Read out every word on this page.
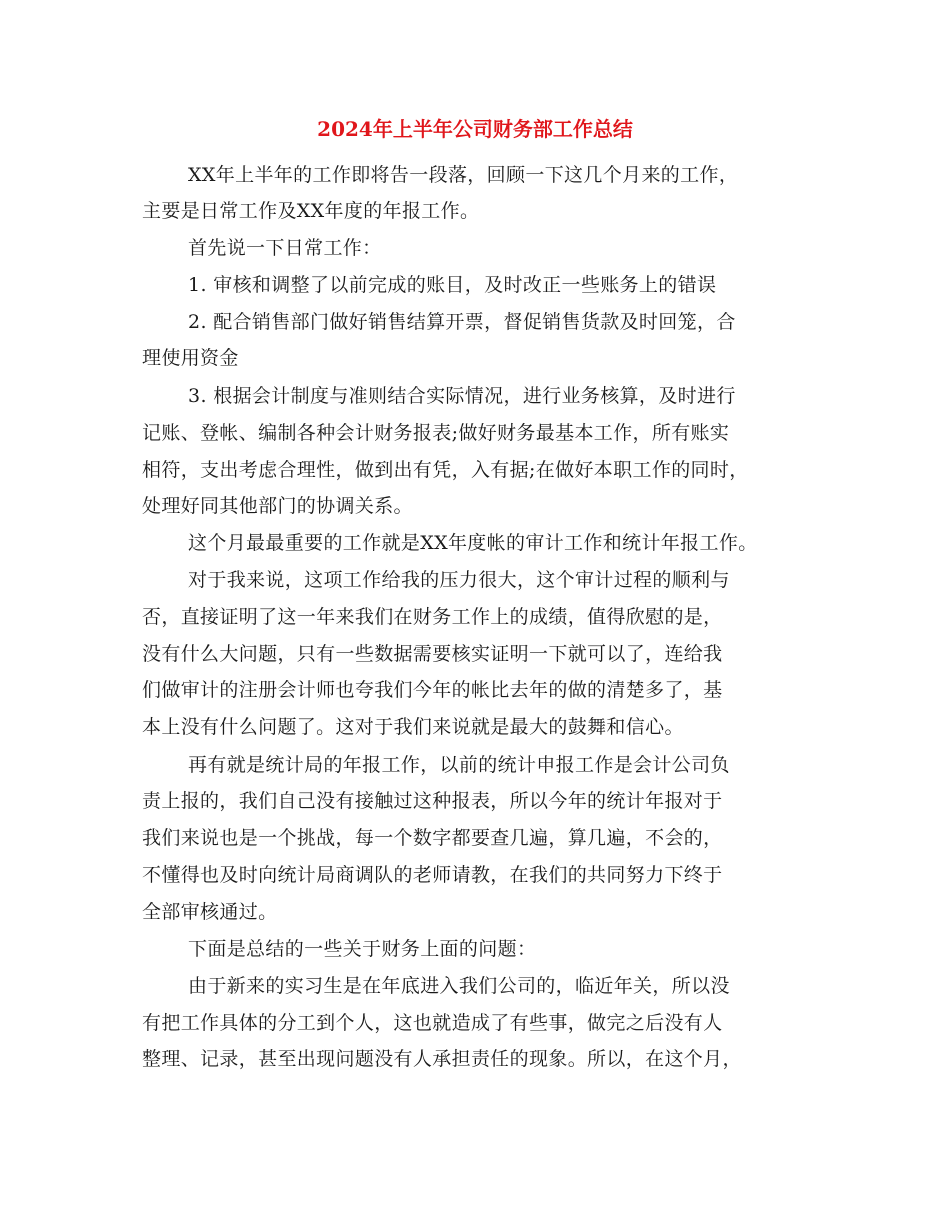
2024年上半年公司财务部工作总结
XX年上半年的工作即将告一段落，回顾一下这几个月来的工作，
主要是日常工作及XX年度的年报工作。
首先说一下日常工作：
1. 审核和调整了以前完成的账目，及时改正一些账务上的错误
2. 配合销售部门做好销售结算开票，督促销售货款及时回笼，合
理使用资金
3. 根据会计制度与准则结合实际情况，进行业务核算，及时进行
记账、登帐、编制各种会计财务报表;做好财务最基本工作，所有账实
相符，支出考虑合理性，做到出有凭，入有据;在做好本职工作的同时，
处理好同其他部门的协调关系。
这个月最最重要的工作就是XX年度帐的审计工作和统计年报工作。
对于我来说，这项工作给我的压力很大，这个审计过程的顺利与
否，直接证明了这一年来我们在财务工作上的成绩，值得欣慰的是，
没有什么大问题，只有一些数据需要核实证明一下就可以了，连给我
们做审计的注册会计师也夸我们今年的帐比去年的做的清楚多了，基
本上没有什么问题了。这对于我们来说就是最大的鼓舞和信心。
再有就是统计局的年报工作，以前的统计申报工作是会计公司负
责上报的，我们自己没有接触过这种报表，所以今年的统计年报对于
我们来说也是一个挑战，每一个数字都要查几遍，算几遍，不会的，
不懂得也及时向统计局商调队的老师请教，在我们的共同努力下终于
全部审核通过。
下面是总结的一些关于财务上面的问题：
由于新来的实习生是在年底进入我们公司的，临近年关，所以没
有把工作具体的分工到个人，这也就造成了有些事，做完之后没有人
整理、记录，甚至出现问题没有人承担责任的现象。所以，在这个月，
